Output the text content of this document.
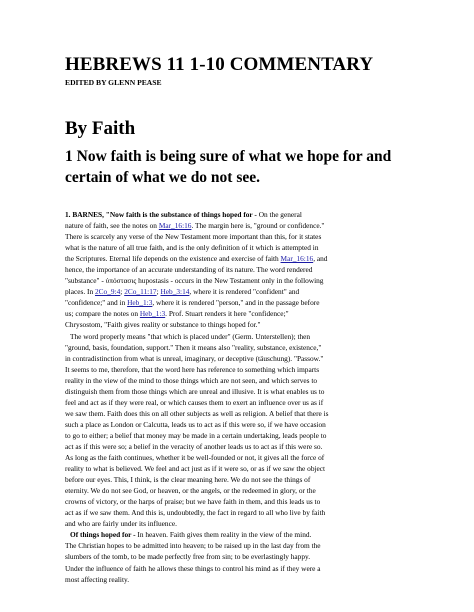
HEBREWS 11 1-10 COMMENTARY
EDITED BY GLENN PEASE
By Faith
1 Now faith is being sure of what we hope for and
certain of what we do not see.
1. BARNES, "Now faith is the substance of things hoped for - On the general
nature of faith, see the notes on Mar_16:16. The margin here is, "ground or confidence."
There is scarcely any verse of the New Testament more important than this, for it states
what is the nature of all true faith, and is the only definition of it which is attempted in
the Scriptures. Eternal life depends on the existence and exercise of faith Mar_16:16, and
hence, the importance of an accurate understanding of its nature. The word rendered
"substance" - ὑπόστασις hupostasis - occurs in the New Testament only in the following
places. In 2Co_9:4; 2Co_11:17; Heb_3:14, where it is rendered "confident" and
"confidence;" and in Heb_1:3, where it is rendered "person," and in the passage before
us; compare the notes on Heb_1:3. Prof. Stuart renders it here "confidence;"
Chrysostom, "Faith gives reality or substance to things hoped for."
The word properly means "that which is placed under" (Germ. Unterstellen); then
"ground, basis, foundation, support." Then it means also "reality, substance, existence,"
in contradistinction from what is unreal, imaginary, or deceptive (täuschung). "Passow."
It seems to me, therefore, that the word here has reference to something which imparts
reality in the view of the mind to those things which are not seen, and which serves to
distinguish them from those things which are unreal and illusive. It is what enables us to
feel and act as if they were real, or which causes them to exert an influence over us as if
we saw them. Faith does this on all other subjects as well as religion. A belief that there is
such a place as London or Calcutta, leads us to act as if this were so, if we have occasion
to go to either; a belief that money may be made in a certain undertaking, leads people to
act as if this were so; a belief in the veracity of another leads us to act as if this were so.
As long as the faith continues, whether it be well-founded or not, it gives all the force of
reality to what is believed. We feel and act just as if it were so, or as if we saw the object
before our eyes. This, I think, is the clear meaning here. We do not see the things of
eternity. We do not see God, or heaven, or the angels, or the redeemed in glory, or the
crowns of victory, or the harps of praise; but we have faith in them, and this leads us to
act as if we saw them. And this is, undoubtedly, the fact in regard to all who live by faith
and who are fairly under its influence.
Of things hoped for - In heaven. Faith gives them reality in the view of the mind.
The Christian hopes to be admitted into heaven; to be raised up in the last day from the
slumbers of the tomb, to be made perfectly free from sin; to be everlastingly happy.
Under the influence of faith he allows these things to control his mind as if they were a
most affecting reality.
